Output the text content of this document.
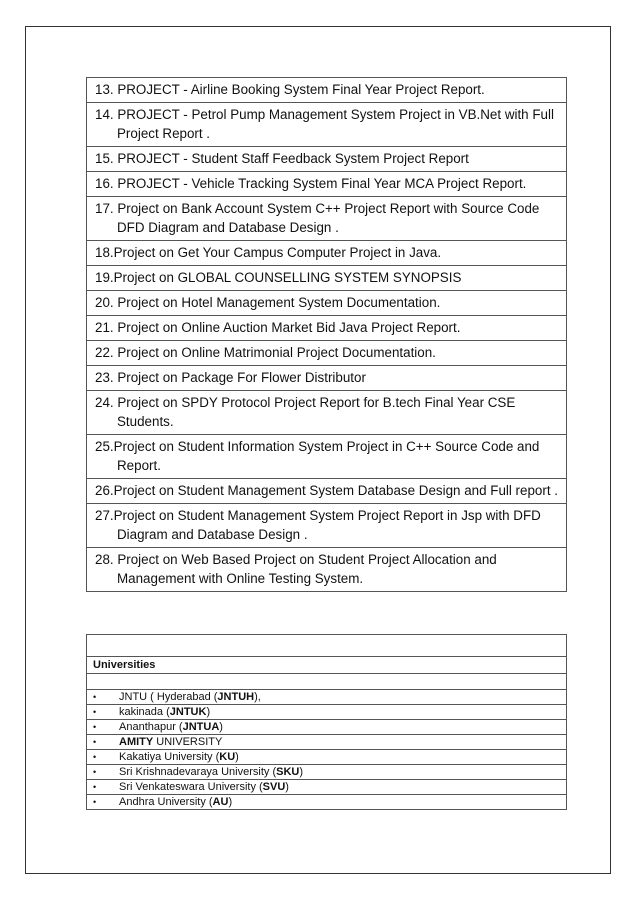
13. PROJECT - Airline Booking System Final Year Project Report.

14. PROJECT - Petrol Pump Management System Project in VB.Net with Full Project Report .

15. PROJECT - Student Staff Feedback System Project Report

16. PROJECT - Vehicle Tracking System Final Year MCA Project Report.

17. Project on Bank Account System C++ Project Report with Source Code DFD Diagram and Database Design .

18.Project on Get Your Campus Computer Project in Java.

19.Project on GLOBAL COUNSELLING SYSTEM SYNOPSIS

20. Project on Hotel Management System Documentation.

21. Project on Online Auction Market Bid Java Project Report.

22. Project on Online Matrimonial Project Documentation.

23. Project on Package For Flower Distributor

24. Project on SPDY Protocol Project Report for B.tech Final Year CSE Students.

25.Project on Student Information System Project in C++ Source Code and Report.

26.Project on Student Management System Database Design and Full report .

27.Project on Student Management System Project Report in Jsp with DFD Diagram and Database Design .

28. Project on Web Based Project on Student Project Allocation and Management with Online Testing System.

Universities

• JNTU ( Hyderabad (JNTUH),
• kakinada (JNTUK)
• Ananthapur (JNTUA)
• AMITY UNIVERSITY
• Kakatiya University (KU)
• Sri Krishnadevaraya University (SKU)
• Sri Venkateswara University (SVU)
• Andhra University (AU)
